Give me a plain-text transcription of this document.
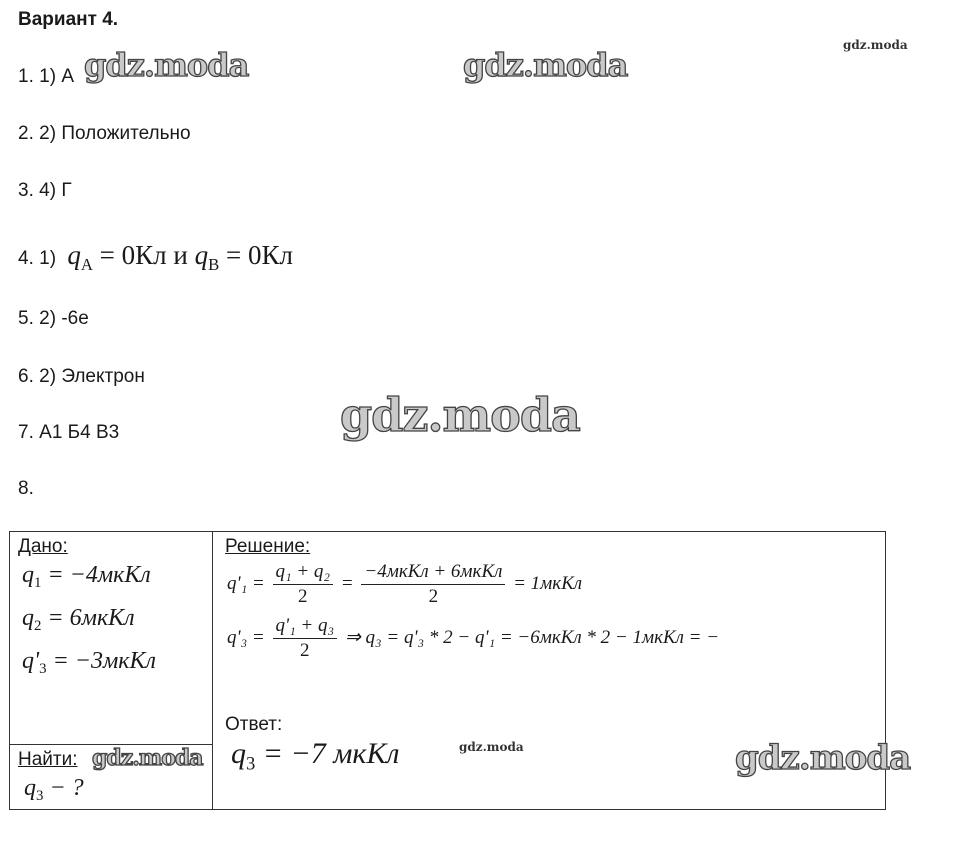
Вариант 4.
gdz.moda
gdz.moda	gdz.moda
gdz.moda
1. 1) А
2. 2) Положительно
3. 4) Г
4. 1) $q_A = 0Кл$ и $q_B = 0Кл$
5. 2) -6е
6. 2) Электрон
7. А1 Б4 В3
8.
Дано:
$q_1$ = −4мкКл
$q_2$ = 6мкКл
$q'_3$ = −3мкКл

Решение:
$q'_1 = \frac{\text{q₁ + q₂}}{2} = \frac{\text{−4мкКл + 6мкКл}}{2}$ = 1мкКл
$q'_3 = \frac{\text{q'₁ + q₃}}{2}$ ⇒ q₃ = q'₃ * 2 − q'₁ = −6мкКл * 2 − 1мкКл = −
Ответ:
$q_3 = -7$ мкКл	gdz.moda	gdz.moda

Найти: gdz.moda
$q_3$ − ?
